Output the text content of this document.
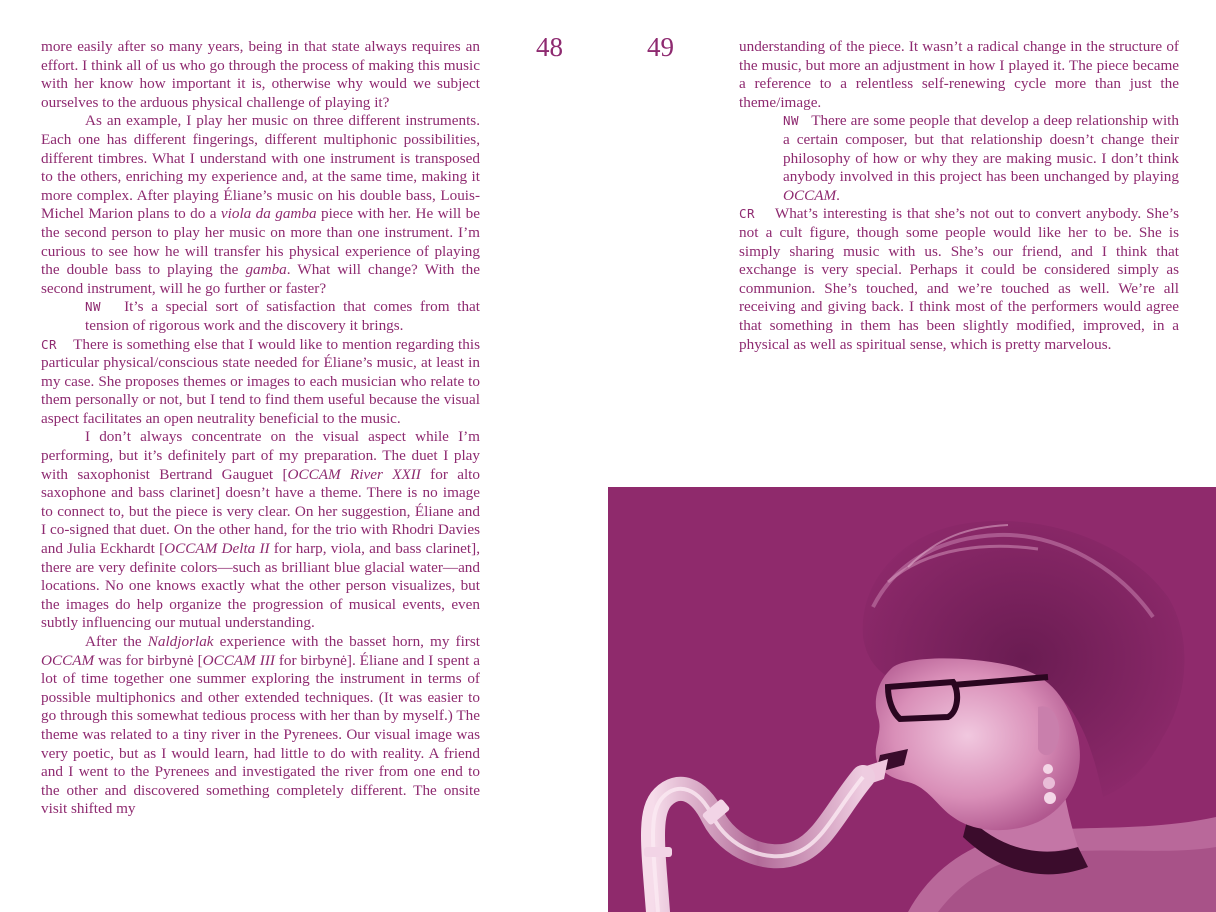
48

more easily after so many years, being in that state always requires an effort. I think all of us who go through the process of making this music with her know how important it is, otherwise why would we subject ourselves to the arduous physical challenge of playing it?

As an example, I play her music on three different instruments. Each one has different fingerings, different multiphonic possibilities, different timbres. What I understand with one instrument is transposed to the others, enriching my experience and, at the same time, making it more complex. After playing Éliane’s music on his double bass, Louis-Michel Marion plans to do a viola da gamba piece with her. He will be the second person to play her music on more than one instrument. I’m curious to see how he will transfer his physical experience of playing the double bass to playing the gamba. What will change? With the second instrument, will he go further or faster?

NW It’s a special sort of satisfaction that comes from that tension of rigorous work and the discovery it brings.

CR There is something else that I would like to mention regarding this particular physical/conscious state needed for Éliane’s music, at least in my case. She proposes themes or images to each musician who relate to them personally or not, but I tend to find them useful because the visual aspect facilitates an open neutrality beneficial to the music.

I don’t always concentrate on the visual aspect while I’m performing, but it’s definitely part of my preparation. The duet I play with saxophonist Bertrand Gauguet [OCCAM River XXII for alto saxophone and bass clarinet] doesn’t have a theme. There is no image to connect to, but the piece is very clear. On her suggestion, Éliane and I co-signed that duet. On the other hand, for the trio with Rhodri Davies and Julia Eckhardt [OCCAM Delta II for harp, viola, and bass clarinet], there are very definite colors—such as brilliant blue glacial water—and locations. No one knows exactly what the other person visualizes, but the images do help organize the progression of musical events, even subtly influencing our mutual understanding.

After the Naldjorlak experience with the basset horn, my first OCCAM was for birbynė [OCCAM III for birbynė]. Éliane and I spent a lot of time together one summer exploring the instrument in terms of possible multiphonics and other extended techniques. (It was easier to go through this somewhat tedious process with her than by myself.) The theme was related to a tiny river in the Pyrenees. Our visual image was very poetic, but as I would learn, had little to do with reality. A friend and I went to the Pyrenees and investigated the river from one end to the other and discovered something completely different. The onsite visit shifted my

49	understanding of the piece. It wasn’t a radical change in the structure of the music, but more an adjustment in how I played it. The piece became a reference to a relentless self-renewing cycle more than just the theme/image.

NW There are some people that develop a deep relationship with a certain composer, but that relationship doesn’t change their philosophy of how or why they are making music. I don’t think anybody involved in this project has been unchanged by playing OCCAM.

CR What’s interesting is that she’s not out to convert anybody. She’s not a cult figure, though some people would like her to be. She is simply sharing music with us. She’s our friend, and I think that exchange is very special. Perhaps it could be considered simply as communion. She’s touched, and we’re touched as well. We’re all receiving and giving back. I think most of the performers would agree that something in them has been slightly modified, improved, in a physical as well as spiritual sense, which is pretty marvelous.
